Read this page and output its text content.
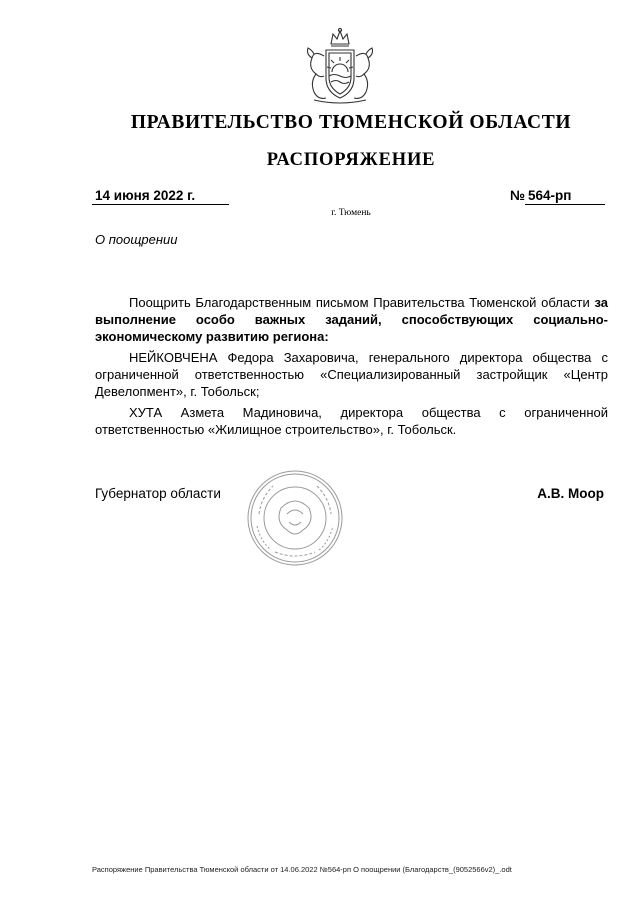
ПРАВИТЕЛЬСТВО ТЮМЕНСКОЙ ОБЛАСТИ
РАСПОРЯЖЕНИЕ
14 июня 2022 г.	№ 564-рп
г. Тюмень
О поощрении

Поощрить Благодарственным письмом Правительства Тюменской области за выполнение особо важных заданий, способствующих социально-экономическому развитию региона:

НЕЙКОВЧЕНА Федора Захаровича, генерального директора общества с ограниченной ответственностью «Специализированный застройщик «Центр Девелопмент», г. Тобольск;

ХУТА Азмета Мадиновича, директора общества с ограниченной ответственностью «Жилищное строительство», г. Тобольск.

Губернатор области	А.В. Моор
Распоряжение Правительства Тюменской области от 14.06.2022 №564-рп О поощрении (Благодарств_(9052566v2)_.odt
